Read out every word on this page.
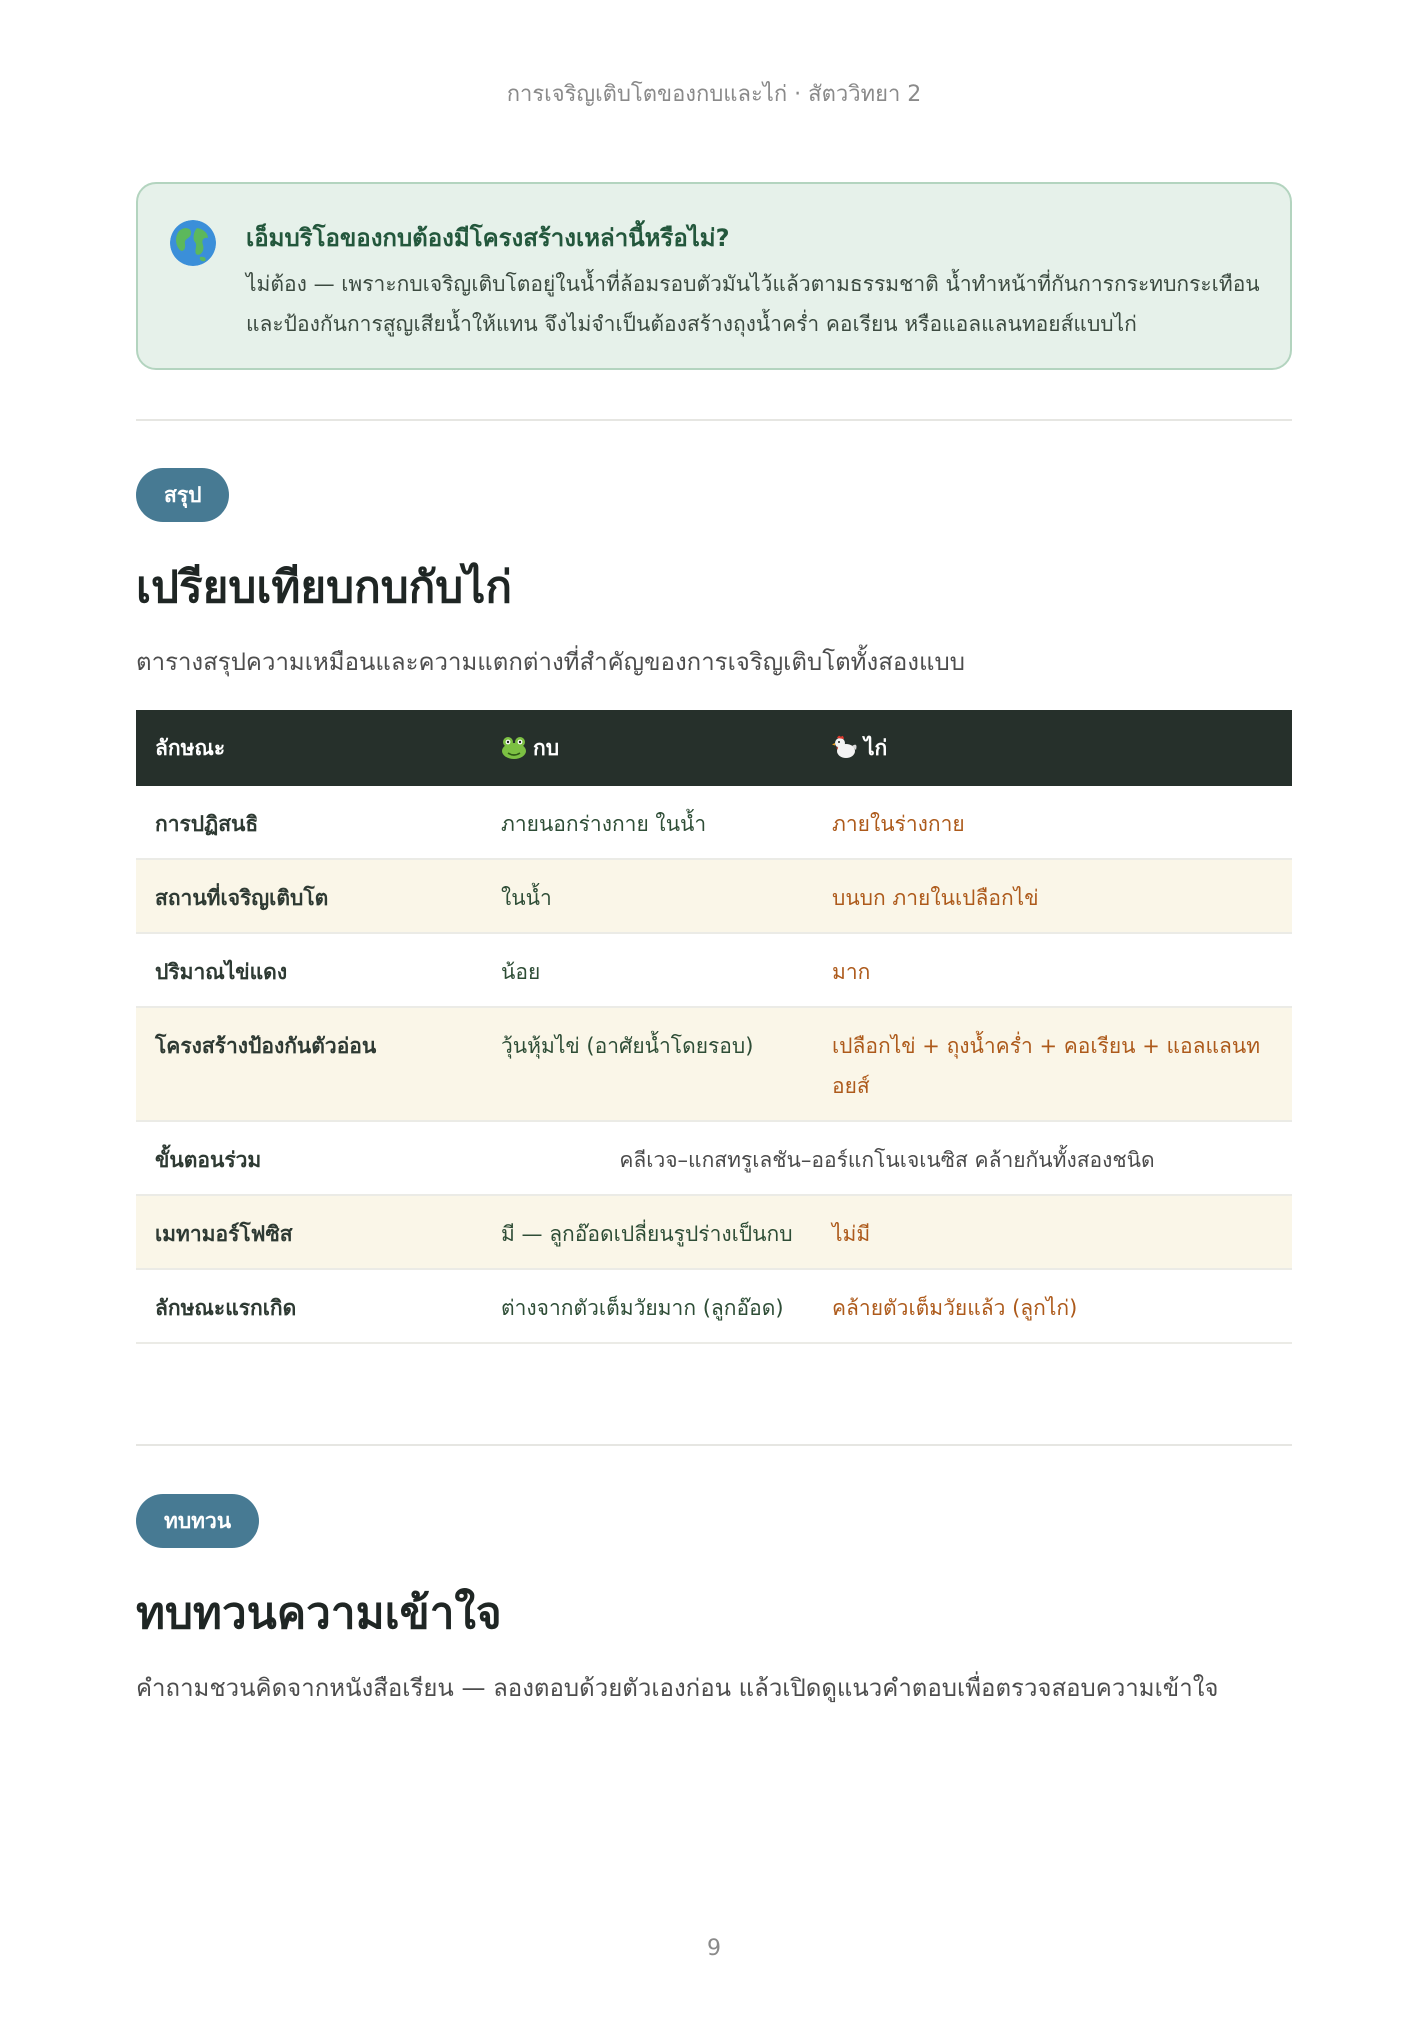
การเจริญเติบโตของกบและไก่ · สัตววิทยา 2
เอ็มบริโอของกบต้องมีโครงสร้างเหล่านี้หรือไม่?
ไม่ต้อง — เพราะกบเจริญเติบโตอยู่ในน้ำที่ล้อมรอบตัวมันไว้แล้วตามธรรมชาติ น้ำทำหน้าที่กันการกระทบกระเทือน
และป้องกันการสูญเสียน้ำให้แทน จึงไม่จำเป็นต้องสร้างถุงน้ำคร่ำ คอเรียน หรือแอลแลนทอยส์แบบไก่
สรุป
เปรียบเทียบกบกับไก่
ตารางสรุปความเหมือนและความแตกต่างที่สำคัญของการเจริญเติบโตทั้งสองแบบ
ลักษณะ	กบ	ไก่
การปฏิสนธิ	ภายนอกร่างกาย ในน้ำ	ภายในร่างกาย
สถานที่เจริญเติบโต	ในน้ำ	บนบก ภายในเปลือกไข่
ปริมาณไข่แดง	น้อย	มาก
โครงสร้างป้องกันตัวอ่อน	วุ้นหุ้มไข่ (อาศัยน้ำโดยรอบ)	เปลือกไข่ + ถุงน้ำคร่ำ + คอเรียน + แอลแลนทอยส์
ขั้นตอนร่วม	คลีเวจ–แกสทรูเลชัน–ออร์แกโนเจเนซิส คล้ายกันทั้งสองชนิด	
เมทามอร์โฟซิส	มี — ลูกอ๊อดเปลี่ยนรูปร่างเป็นกบ	ไม่มี
ลักษณะแรกเกิด	ต่างจากตัวเต็มวัยมาก (ลูกอ๊อด)	คล้ายตัวเต็มวัยแล้ว (ลูกไก่)
ทบทวน
ทบทวนความเข้าใจ
คำถามชวนคิดจากหนังสือเรียน — ลองตอบด้วยตัวเองก่อน แล้วเปิดดูแนวคำตอบเพื่อตรวจสอบความเข้าใจ
9
